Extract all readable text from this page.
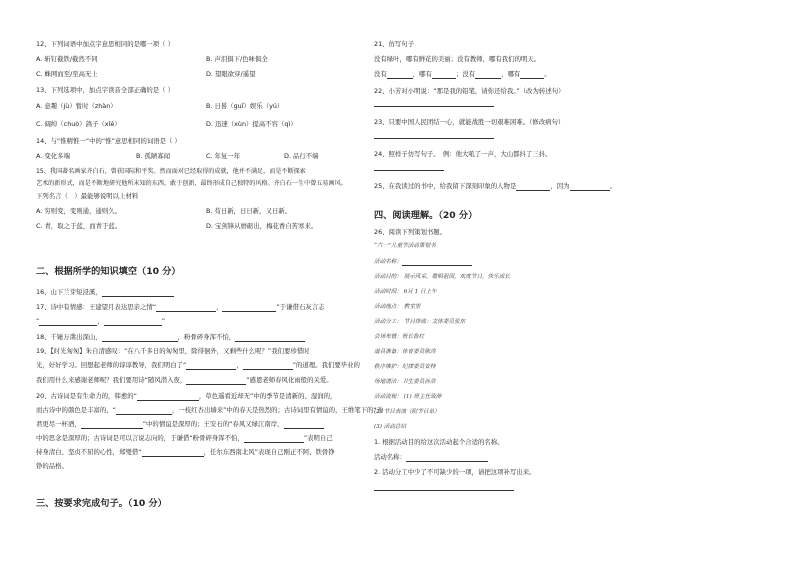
12、下列词语中加点字意思相同的是哪一项（ ）
A. 斩钉截铁/截然不同	B. 声泪俱下/色味俱全
C. 蛛网而至/至高无上	D. 望眼欲穿/遥望
13、下列选项中，加点字读音全部正确的是（ ）
A. 意趣（jù）暂时（zhàn）	B. 日晷（guǐ）娱乐（yú）
C. 阔绰（chuò）鸽子（xǐé）	D. 迅速（xùn）提高不容（qì）
14、与“惟精惟一”中的“惟”意思相同的词语是（ ）
A. 变化多端	B. 孤陋寡闻	C. 年复一年	D. 品行不端
15、我国著名画家齐白石，曾获国际和平奖。然而面对已经取得的成就，他并不满足，而是不断探索
艺术的新形式，而是不断地研究他所未知的东西，敢于创新，最终形成自己独特的风格。齐白石一生中曾五易画风。
下列名言（　）最能够说明以上材料
A. 穷则变，变则通，通则久。	B. 苟日新，日日新，又日新。
C. 青，取之于蓝，而青于蓝。	D. 宝剑锋从磨砺出，梅花香自苦寒来。
二、根据所学的知识填空（10 分）
16、山下兰芽短浸溪，
17、诗中有情感：王建望月表达思亲之情“	，	”于谦借石灰言志
“	，	”
18、千锤万凿出深山，	，粉骨碎身浑不怕，
19、【时光匆匆】朱自清感叹：“在八千多日的匆匆里，除徘徊外，又剩些什么呢？”我们要珍惜时
光，好好学习。回想起老师的谆谆教导，我们明白了“	，	”的道理。我们要毕业的
我们用什么来感谢老师呢？我们要用诗“随风潜入夜，	”感恩老师春风化雨般的关爱。
20、古诗词是有生命力的，韩愈的“	，草色遥看近却无”中的季节是清新的、湿润的，
而古诗中的颜色是丰富的，“	，一枝红杏出墙来”中的春天是热烈的；古诗词里有情谊的，王维笔下的“劝
君更尽一杯酒，	”中的情谊是深厚的；王安石的“春风又绿江南岸，
中的思念是深厚的；古诗词是可以言说志向的，于谦借“粉骨碎身浑不怕，	”表明自己
持身清白、坚贞不屈的心性，郑燮借“	，任尔东西南北风”表现自己刚正不阿、铁骨铮
铮的品格。
三、按要求完成句子。（10 分）
21、仿写句子
没有绿叶，哪有鲜花的美丽；没有教师，哪有我们的明天。
没有	，哪有	；没有	，哪有	。
22、小芳对小明说：“那是我的铅笔，请你还给我。”（改为转述句）
23、只要中国人民团结一心，就能战胜一切艰难困难。（修改病句）
24、照样子仿写句子。　例：他大吼了一声，大山都抖了三抖。
25、在我读过的书中，给我留下深刻印象的人物是	，因为	。
四、阅读理解。（20 分）
26、阅读下列策划书题。
“六一”儿童节活动策划书
活动名称：
活动目的： 展示风采，歌唱祖国，欢度节日，快乐成长
活动时间： 6月 1 日上午
活动地点： 教室里
活动分工： 节目排练：文体委员张东
会场布置：班长鲁红
道具准备：体育委员陈涛
秩序维护：纪律委员安特
场地清洁：卫生委员孙浩
活动流程： (1) 班主任致辞
(2) 节目表演（附节目单）
(3) 活动总结
1. 根据活动目的给这次活动起个合适的名称。
活动名称：
2. 活动分工中少了不可缺少的一项，请把这项补写出来。
